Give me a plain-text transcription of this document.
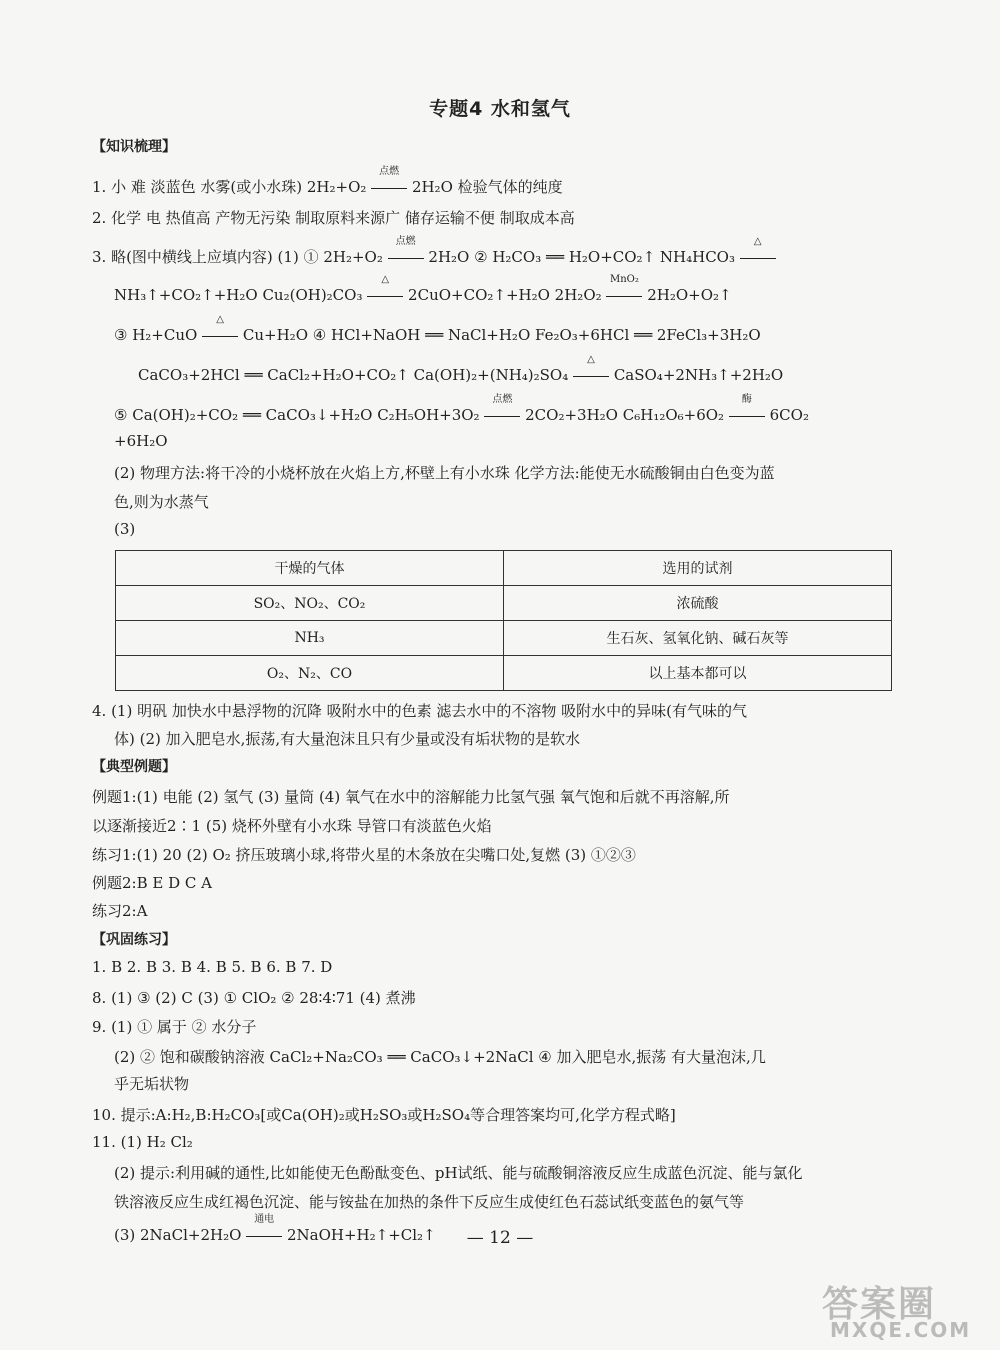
专题4 水和氢气
【知识梳理】
1. 小 难 淡蓝色 水雾(或小水珠) 2H₂+O₂
点燃
2H₂O 检验气体的纯度
2. 化学 电 热值高 产物无污染 制取原料来源广 储存运输不便 制取成本高
3. 略(图中横线上应填内容) (1) ① 2H₂+O₂
点燃
2H₂O ② H₂CO₃ ══ H₂O+CO₂↑ NH₄HCO₃
△
NH₃↑+CO₂↑+H₂O Cu₂(OH)₂CO₃
△
2CuO+CO₂↑+H₂O 2H₂O₂
MnO₂
2H₂O+O₂↑
③ H₂+CuO
△
Cu+H₂O ④ HCl+NaOH ══ NaCl+H₂O Fe₂O₃+6HCl ══ 2FeCl₃+3H₂O
CaCO₃+2HCl ══ CaCl₂+H₂O+CO₂↑ Ca(OH)₂+(NH₄)₂SO₄
△
CaSO₄+2NH₃↑+2H₂O
⑤ Ca(OH)₂+CO₂ ══ CaCO₃↓+H₂O C₂H₅OH+3O₂
点燃
2CO₂+3H₂O C₆H₁₂O₆+6O₂
酶
6CO₂
+6H₂O
(2) 物理方法:将干冷的小烧杯放在火焰上方,杯壁上有小水珠 化学方法:能使无水硫酸铜由白色变为蓝
色,则为水蒸气
(3)
干燥的气体	选用的试剂
SO₂、NO₂、CO₂	浓硫酸
NH₃	生石灰、氢氧化钠、碱石灰等
O₂、N₂、CO	以上基本都可以
4. (1) 明矾 加快水中悬浮物的沉降 吸附水中的色素 滤去水中的不溶物 吸附水中的异味(有气味的气
体) (2) 加入肥皂水,振荡,有大量泡沫且只有少量或没有垢状物的是软水
【典型例题】
例题1:(1) 电能 (2) 氢气 (3) 量筒 (4) 氧气在水中的溶解能力比氢气强 氧气饱和后就不再溶解,所
以逐渐接近2∶1 (5) 烧杯外壁有小水珠 导管口有淡蓝色火焰
练习1:(1) 20 (2) O₂ 挤压玻璃小球,将带火星的木条放在尖嘴口处,复燃 (3) ①②③
例题2:B E D C A
练习2:A
【巩固练习】
1. B 2. B 3. B 4. B 5. B 6. B 7. D
8. (1) ③ (2) C (3) ① ClO₂ ② 28∶4∶71 (4) 煮沸
9. (1) ① 属于 ② 水分子
(2) ② 饱和碳酸钠溶液 CaCl₂+Na₂CO₃ ══ CaCO₃↓+2NaCl ④ 加入肥皂水,振荡 有大量泡沫,几
乎无垢状物
10. 提示:A:H₂,B:H₂CO₃[或Ca(OH)₂或H₂SO₃或H₂SO₄等合理答案均可,化学方程式略]
11. (1) H₂ Cl₂
(2) 提示:利用碱的通性,比如能使无色酚酞变色、pH试纸、能与硫酸铜溶液反应生成蓝色沉淀、能与氯化
铁溶液反应生成红褐色沉淀、能与铵盐在加热的条件下反应生成使红色石蕊试纸变蓝色的氨气等
(3) 2NaCl+2H₂O
通电
2NaOH+H₂↑+Cl₂↑	— 12 —
答案圈
MXQE.COM
